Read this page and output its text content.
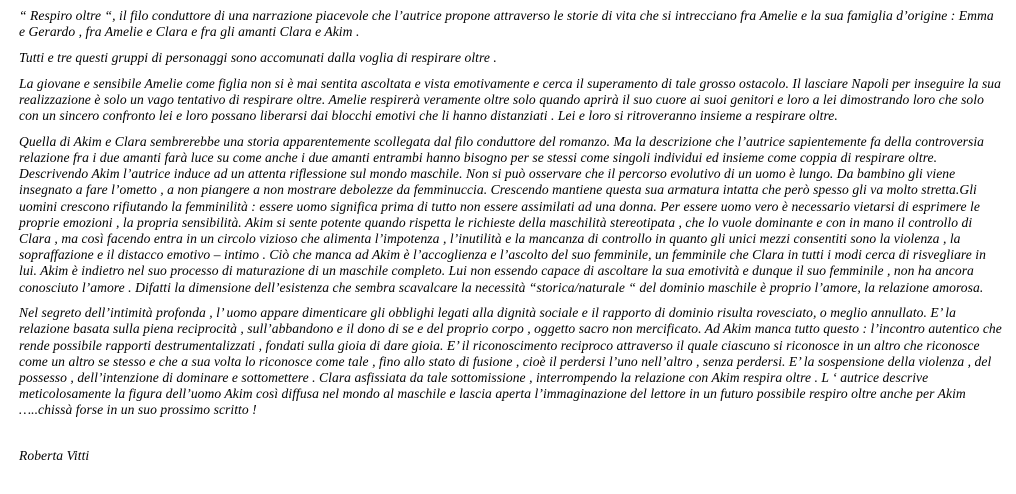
“ Respiro oltre “, il filo conduttore di una narrazione piacevole che l’autrice propone attraverso le storie di vita che si intrecciano fra Amelie e la sua famiglia d’origine : Emma e Gerardo , fra Amelie e Clara e fra gli amanti Clara e Akim .

Tutti e tre questi gruppi di personaggi sono accomunati dalla voglia di respirare oltre .

La giovane e sensibile Amelie come figlia non si è mai sentita ascoltata e vista emotivamente e cerca il superamento di tale grosso ostacolo. Il lasciare Napoli per inseguire la sua realizzazione è solo un vago tentativo di respirare oltre. Amelie respirerà veramente oltre solo quando aprirà il suo cuore ai suoi genitori e loro a lei dimostrando loro che solo con un sincero confronto lei e loro possano liberarsi dai blocchi emotivi che li hanno distanziati . Lei e loro si ritroveranno insieme a respirare oltre.

Quella di Akim e Clara sembrerebbe una storia apparentemente scollegata dal filo conduttore del romanzo. Ma la descrizione che l’autrice sapientemente fa della controversia relazione fra i due amanti farà luce su come anche i due amanti entrambi hanno bisogno per se stessi come singoli individui ed insieme come coppia di respirare oltre. Descrivendo Akim l’autrice induce ad un attenta riflessione sul mondo maschile. Non si può osservare che il percorso evolutivo di un uomo è lungo. Da bambino gli viene insegnato a fare l’ometto , a non piangere a non mostrare debolezze da femminuccia. Crescendo mantiene questa sua armatura intatta che però spesso gli va molto stretta.Gli uomini crescono rifiutando la femminilità : essere uomo significa prima di tutto non essere assimilati ad una donna. Per essere uomo vero è necessario vietarsi di esprimere le proprie emozioni , la propria sensibilità. Akim si sente potente quando rispetta le richieste della maschilità stereotipata , che lo vuole dominante e con in mano il controllo di Clara , ma così facendo entra in un circolo vizioso che alimenta l’impotenza , l’inutilità e la mancanza di controllo in quanto gli unici mezzi consentiti sono la violenza , la sopraffazione e il distacco emotivo – intimo . Ciò che manca ad Akim è l’accoglienza e l’ascolto del suo femminile, un femminile che Clara in tutti i modi cerca di risvegliare in lui. Akim è indietro nel suo processo di maturazione di un maschile completo. Lui non essendo capace di ascoltare la sua emotività e dunque il suo femminile , non ha ancora conosciuto l’amore . Difatti la dimensione dell’esistenza che sembra scavalcare la necessità “storica/naturale “ del dominio maschile è proprio l’amore, la relazione amorosa.

Nel segreto dell’intimità profonda , l’ uomo appare dimenticare gli obblighi legati alla dignità sociale e il rapporto di dominio risulta rovesciato, o meglio annullato. E’ la relazione basata sulla piena reciprocità , sull’abbandono e il dono di se e del proprio corpo , oggetto sacro non mercificato. Ad Akim manca tutto questo : l’incontro autentico che rende possibile rapporti destrumentalizzati , fondati sulla gioia di dare gioia. E’ il riconoscimento reciproco attraverso il quale ciascuno si riconosce in un altro che riconosce come un altro se stesso e che a sua volta lo riconosce come tale , fino allo stato di fusione , cioè il perdersi l’uno nell’altro , senza perdersi. E’ la sospensione della violenza , del possesso , dell’intenzione di dominare e sottomettere . Clara asfissiata da tale sottomissione , interrompendo la relazione con Akim respira oltre . L ‘ autrice descrive meticolosamente la figura dell’uomo Akim così diffusa nel mondo al maschile e lascia aperta l’immaginazione del lettore in un futuro possibile respiro oltre anche per Akim …..chissà forse in un suo prossimo scritto !

Roberta Vitti
